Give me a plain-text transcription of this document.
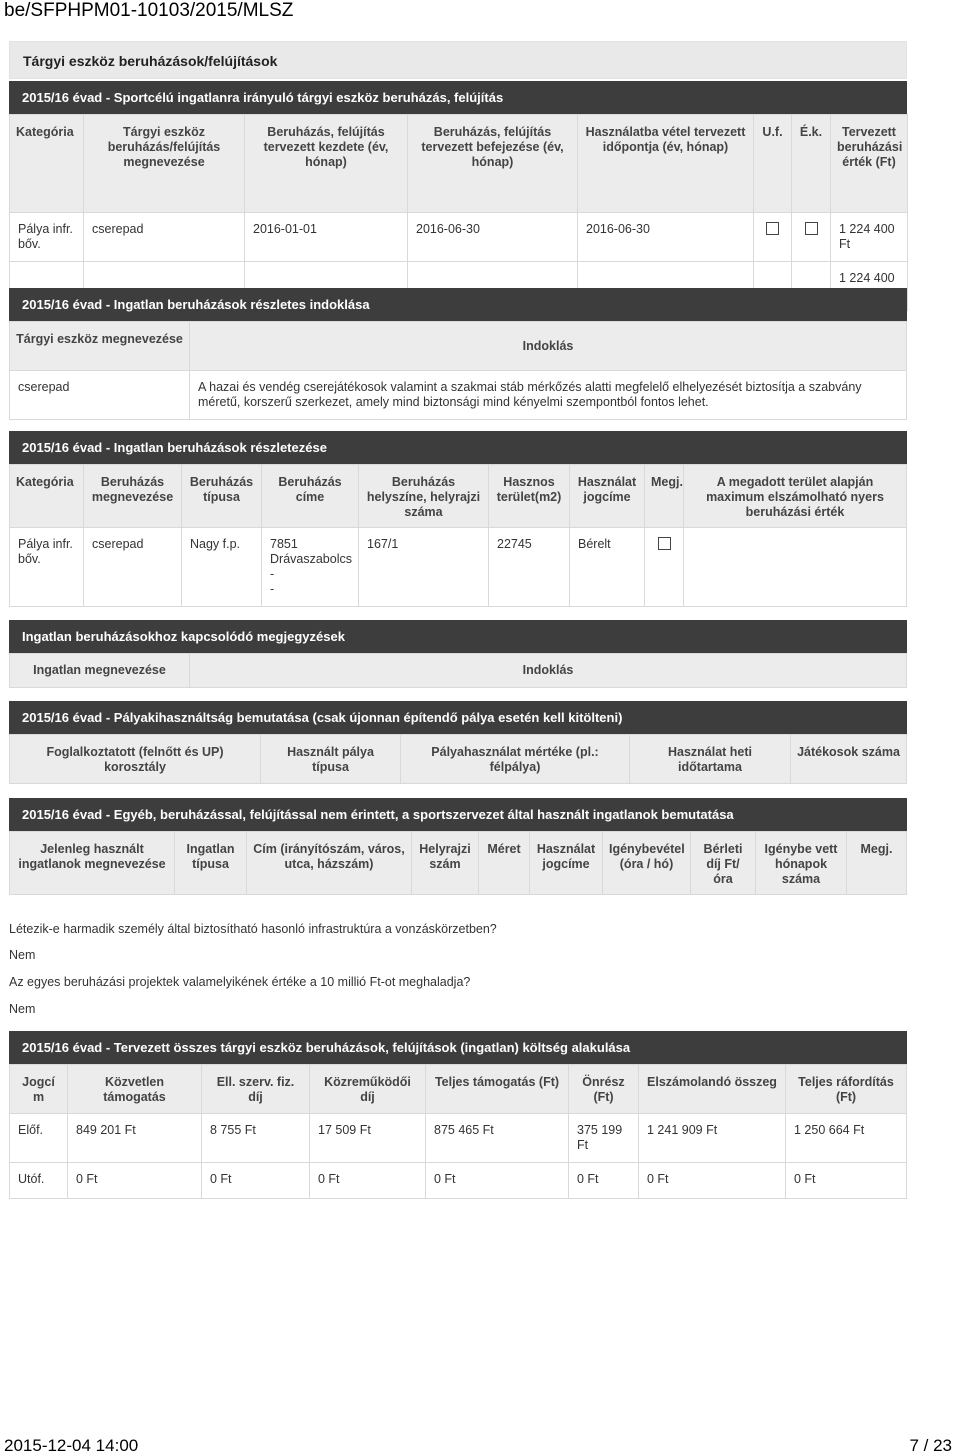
be/SFPHPM01-10103/2015/MLSZ
Tárgyi eszköz beruházások/felújítások
2015/16 évad - Sportcélú ingatlanra irányuló tárgyi eszköz beruházás, felújítás
Kategória	Tárgyi eszköz beruházás/felújítás megnevezése	Beruházás, felújítás tervezett kezdete (év, hónap)	Beruházás, felújítás tervezett befejezése (év, hónap)	Használatba vétel tervezett időpontja (év, hónap)	U.f.	É.k.	Tervezett beruházási érték (Ft)
Pálya infr. bőv.	cserepad	2016-01-01	2016-06-30	2016-06-30			1 224 400 Ft
							1 224 400
2015/16 évad - Ingatlan beruházások részletes indoklása
Tárgyi eszköz megnevezése	Indoklás
cserepad	A hazai és vendég cserejátékosok valamint a szakmai stáb mérkőzés alatti megfelelő elhelyezését biztosítja a szabvány méretű, korszerű szerkezet, amely mind biztonsági mind kényelmi szempontból fontos lehet.
2015/16 évad - Ingatlan beruházások részletezése
Kategória	Beruházás megnevezése	Beruházás típusa	Beruházás címe	Beruházás helyszíne, helyrajzi száma	Hasznos terület(m2)	Használat jogcíme	Megj.	A megadott terület alapján maximum elszámolható nyers beruházási érték
Pálya infr. bőv.	cserepad	Nagy f.p.	7851
Drávaszabolcs
-
-	167/1	22745	Bérelt		
Ingatlan beruházásokhoz kapcsolódó megjegyzések
Ingatlan megnevezése	Indoklás
2015/16 évad - Pályakihasználtság bemutatása (csak újonnan építendő pálya esetén kell kitölteni)
Foglalkoztatott (felnőtt és UP) korosztály	Használt pálya típusa	Pályahasználat mértéke (pl.: félpálya)	Használat heti időtartama	Játékosok száma
2015/16 évad - Egyéb, beruházással, felújítással nem érintett, a sportszervezet által használt ingatlanok bemutatása
Jelenleg használt ingatlanok megnevezése	Ingatlan típusa	Cím (irányítószám, város, utca, házszám)	Helyrajzi szám	Méret	Használat jogcíme	Igénybevétel (óra / hó)	Bérleti díj Ft/óra	Igénybe vett hónapok száma	Megj.
Létezik-e harmadik személy által biztosítható hasonló infrastruktúra a vonzáskörzetben?
Nem
Az egyes beruházási projektek valamelyikének értéke a 10 millió Ft-ot meghaladja?
Nem
2015/16 évad - Tervezett összes tárgyi eszköz beruházások, felújítások (ingatlan) költség alakulása
Jogcí m	Közvetlen támogatás	Ell. szerv. fiz. díj	Közreműködői díj	Teljes támogatás (Ft)	Önrész (Ft)	Elszámolandó összeg	Teljes ráfordítás (Ft)
Előf.	849 201 Ft	8 755 Ft	17 509 Ft	875 465 Ft	375 199 Ft	1 241 909 Ft	1 250 664 Ft
Utóf.	0 Ft	0 Ft	0 Ft	0 Ft	0 Ft	0 Ft	0 Ft
2015-12-04 14:00	7 / 23
